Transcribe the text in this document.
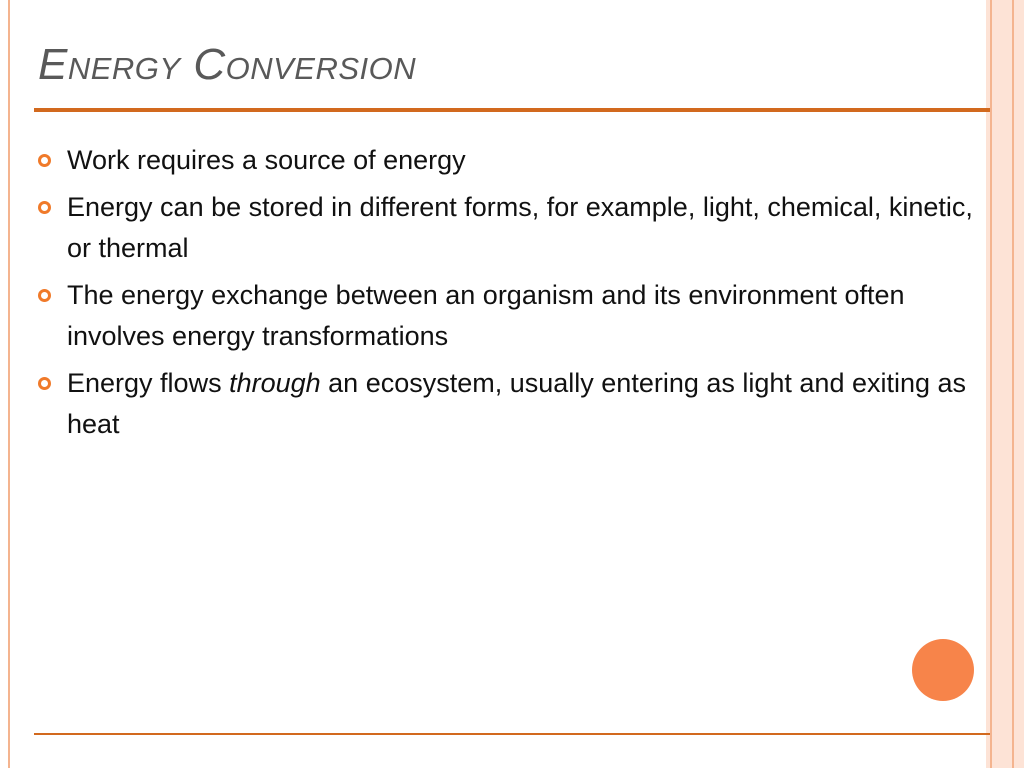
Energy Conversion
Work requires a source of energy
Energy can be stored in different forms, for example, light, chemical, kinetic, or thermal
The energy exchange between an organism and its environment often involves energy transformations
Energy flows through an ecosystem, usually entering as light and exiting as heat
